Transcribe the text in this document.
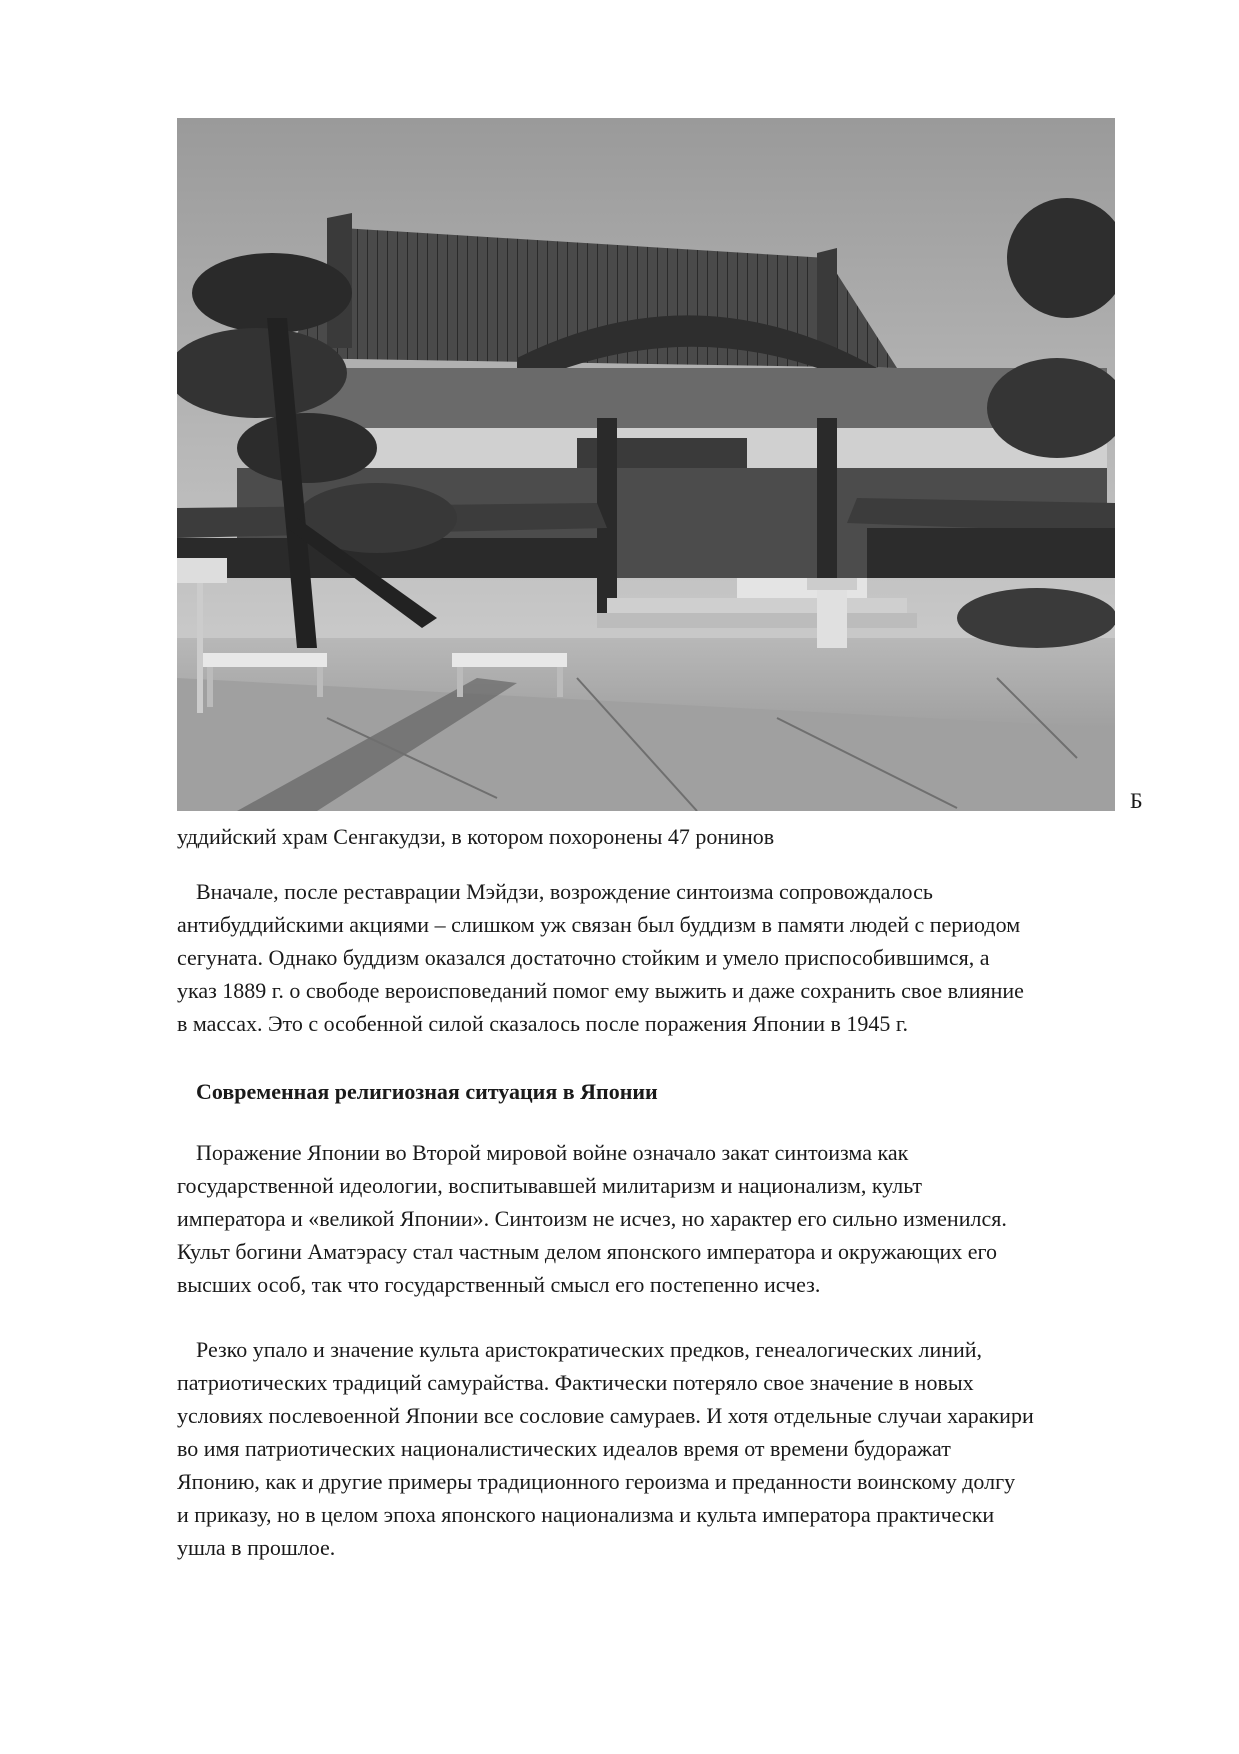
Б
уддийский храм Сенгакудзи, в котором похоронены 47 ронинов
Вначале, после реставрации Мэйдзи, возрождение синтоизма сопровождалось
антибуддийскими акциями – слишком уж связан был буддизм в памяти людей с периодом
сегуната. Однако буддизм оказался достаточно стойким и умело приспособившимся, а
указ 1889 г. о свободе вероисповеданий помог ему выжить и даже сохранить свое влияние
в массах. Это с особенной силой сказалось после поражения Японии в 1945 г.
Современная религиозная ситуация в Японии
Поражение Японии во Второй мировой войне означало закат синтоизма как
государственной идеологии, воспитывавшей милитаризм и национализм, культ
императора и «великой Японии». Синтоизм не исчез, но характер его сильно изменился.
Культ богини Аматэрасу стал частным делом японского императора и окружающих его
высших особ, так что государственный смысл его постепенно исчез.
Резко упало и значение культа аристократических предков, генеалогических линий,
патриотических традиций самурайства. Фактически потеряло свое значение в новых
условиях послевоенной Японии все сословие самураев. И хотя отдельные случаи харакири
во имя патриотических националистических идеалов время от времени будоражат
Японию, как и другие примеры традиционного героизма и преданности воинскому долгу
и приказу, но в целом эпоха японского национализма и культа императора практически
ушла в прошлое.
